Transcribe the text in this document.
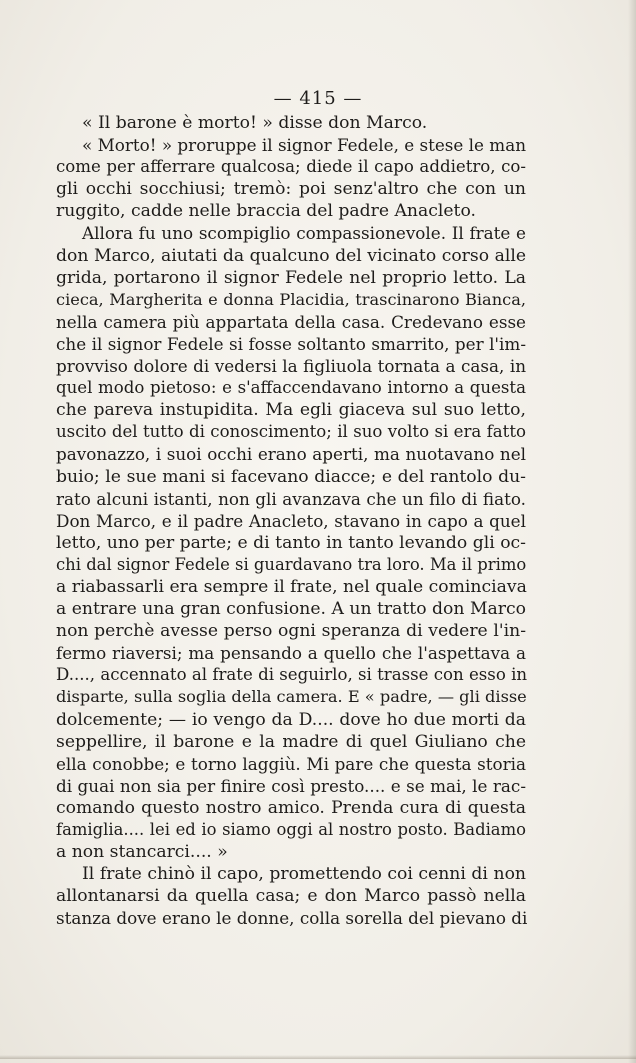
— 415 —
« Il barone è morto! » disse don Marco.
« Morto! » proruppe il signor Fedele, e stese le man
come per afferrare qualcosa; diede il capo addietro, co-
gli occhi socchiusi; tremò: poi senz'altro che con un
ruggito, cadde nelle braccia del padre Anacleto.
Allora fu uno scompiglio compassionevole. Il frate e
don Marco, aiutati da qualcuno del vicinato corso alle
grida, portarono il signor Fedele nel proprio letto. La
cieca, Margherita e donna Placidia, trascinarono Bianca,
nella camera più appartata della casa. Credevano esse
che il signor Fedele si fosse soltanto smarrito, per l'im-
provviso dolore di vedersi la figliuola tornata a casa, in
quel modo pietoso: e s'affaccendavano intorno a questa
che pareva instupidita. Ma egli giaceva sul suo letto,
uscito del tutto di conoscimento; il suo volto si era fatto
pavonazzo, i suoi occhi erano aperti, ma nuotavano nel
buio; le sue mani si facevano diacce; e del rantolo du-
rato alcuni istanti, non gli avanzava che un filo di fiato.
Don Marco, e il padre Anacleto, stavano in capo a quel
letto, uno per parte; e di tanto in tanto levando gli oc-
chi dal signor Fedele si guardavano tra loro. Ma il primo
a riabassarli era sempre il frate, nel quale cominciava
a entrare una gran confusione. A un tratto don Marco
non perchè avesse perso ogni speranza di vedere l'in-
fermo riaversi; ma pensando a quello che l'aspettava a
D...., accennato al frate di seguirlo, si trasse con esso in
disparte, sulla soglia della camera. E « padre, — gli disse
dolcemente; — io vengo da D.... dove ho due morti da
seppellire, il barone e la madre di quel Giuliano che
ella conobbe; e torno laggiù. Mi pare che questa storia
di guai non sia per finire così presto.... e se mai, le rac-
comando questo nostro amico. Prenda cura di questa
famiglia.... lei ed io siamo oggi al nostro posto. Badiamo
a non stancarci.... »
Il frate chinò il capo, promettendo coi cenni di non
allontanarsi da quella casa; e don Marco passò nella
stanza dove erano le donne, colla sorella del pievano di
